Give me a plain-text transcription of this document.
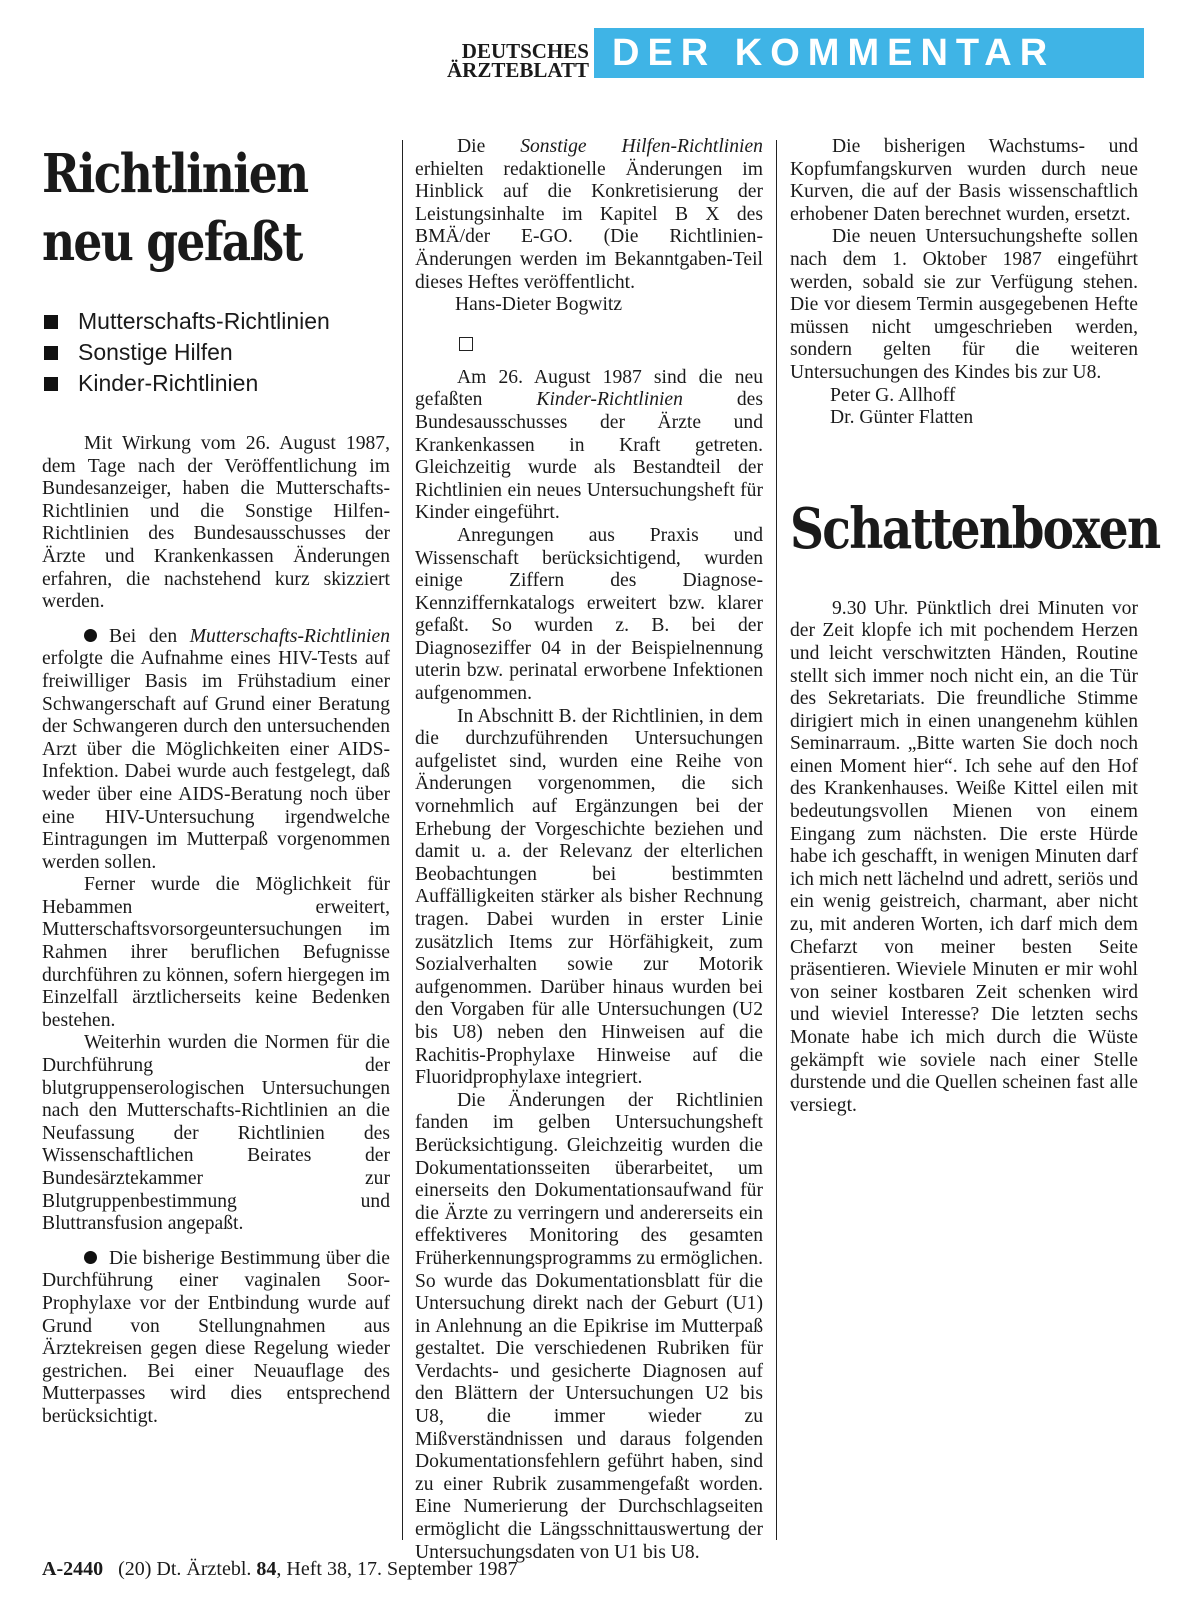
DEUTSCHES
ÄRZTEBLATT DER KOMMENTAR
Richtlinien
neu gefaßt
Mutterschafts-Richtlinien
Sonstige Hilfen
Kinder-Richtlinien

Mit Wirkung vom 26. August 1987, dem Tage nach der Veröffentlichung im Bundesanzeiger, haben die Mutterschafts-Richtlinien und die Sonstige Hilfen-Richtlinien des Bundesausschusses der Ärzte und Krankenkassen Änderungen erfahren, die nachstehend kurz skizziert werden.

Bei den Mutterschafts-Richtlinien erfolgte die Aufnahme eines HIV-Tests auf freiwilliger Basis im Frühstadium einer Schwangerschaft auf Grund einer Beratung der Schwangeren durch den untersuchenden Arzt über die Möglichkeiten einer AIDS-Infektion. Dabei wurde auch festgelegt, daß weder über eine AIDS-Beratung noch über eine HIV-Untersuchung irgendwelche Eintragungen im Mutterpaß vorgenommen werden sollen.

Ferner wurde die Möglichkeit für Hebammen erweitert, Mutterschaftsvorsorgeuntersuchungen im Rahmen ihrer beruflichen Befugnisse durchführen zu können, sofern hiergegen im Einzelfall ärztlicherseits keine Bedenken bestehen.

Weiterhin wurden die Normen für die Durchführung der blutgruppenserologischen Untersuchungen nach den Mutterschafts-Richtlinien an die Neufassung der Richtlinien des Wissenschaftlichen Beirates der Bundesärztekammer zur Blutgruppenbestimmung und Bluttransfusion angepaßt.

Die bisherige Bestimmung über die Durchführung einer vaginalen Soor-Prophylaxe vor der Entbindung wurde auf Grund von Stellungnahmen aus Ärztekreisen gegen diese Regelung wieder gestrichen. Bei einer Neuauflage des Mutterpasses wird dies entsprechend berücksichtigt.

Die Sonstige Hilfen-Richtlinien erhielten redaktionelle Änderungen im Hinblick auf die Konkretisierung der Leistungsinhalte im Kapitel B X des BMÄ/der E-GO. (Die Richtlinien-Änderungen werden im Bekanntgaben-Teil dieses Heftes veröffentlicht.

Hans-Dieter Bogwitz

Am 26. August 1987 sind die neu gefaßten Kinder-Richtlinien des Bundesausschusses der Ärzte und Krankenkassen in Kraft getreten. Gleichzeitig wurde als Bestandteil der Richtlinien ein neues Untersuchungsheft für Kinder eingeführt.

Anregungen aus Praxis und Wissenschaft berücksichtigend, wurden einige Ziffern des Diagnose-Kennziffernkatalogs erweitert bzw. klarer gefaßt. So wurden z. B. bei der Diagnoseziffer 04 in der Beispielnennung uterin bzw. perinatal erworbene Infektionen aufgenommen.

In Abschnitt B. der Richtlinien, in dem die durchzuführenden Untersuchungen aufgelistet sind, wurden eine Reihe von Änderungen vorgenommen, die sich vornehmlich auf Ergänzungen bei der Erhebung der Vorgeschichte beziehen und damit u. a. der Relevanz der elterlichen Beobachtungen bei bestimmten Auffälligkeiten stärker als bisher Rechnung tragen. Dabei wurden in erster Linie zusätzlich Items zur Hörfähigkeit, zum Sozialverhalten sowie zur Motorik aufgenommen. Darüber hinaus wurden bei den Vorgaben für alle Untersuchungen (U2 bis U8) neben den Hinweisen auf die Rachitis-Prophylaxe Hinweise auf die Fluoridprophylaxe integriert.

Die Änderungen der Richtlinien fanden im gelben Untersuchungsheft Berücksichtigung. Gleichzeitig wurden die Dokumentationsseiten überarbeitet, um einerseits den Dokumentationsaufwand für die Ärzte zu verringern und andererseits ein effektiveres Monitoring des gesamten Früherkennungsprogramms zu ermöglichen. So wurde das Dokumentationsblatt für die Untersuchung direkt nach der Geburt (U1) in Anlehnung an die Epikrise im Mutterpaß gestaltet. Die verschiedenen Rubriken für Verdachts- und gesicherte Diagnosen auf den Blättern der Untersuchungen U2 bis U8, die immer wieder zu Mißverständnissen und daraus folgenden Dokumentationsfehlern geführt haben, sind zu einer Rubrik zusammengefaßt worden. Eine Numerierung der Durchschlagseiten ermöglicht die Längsschnittauswertung der Untersuchungsdaten von U1 bis U8.

Die bisherigen Wachstums- und Kopfumfangskurven wurden durch neue Kurven, die auf der Basis wissenschaftlich erhobener Daten berechnet wurden, ersetzt.

Die neuen Untersuchungshefte sollen nach dem 1. Oktober 1987 eingeführt werden, sobald sie zur Verfügung stehen. Die vor diesem Termin ausgegebenen Hefte müssen nicht umgeschrieben werden, sondern gelten für die weiteren Untersuchungen des Kindes bis zur U8.

Peter G. Allhoff

Dr. Günter Flatten

Schattenboxen

9.30 Uhr. Pünktlich drei Minuten vor der Zeit klopfe ich mit pochendem Herzen und leicht verschwitzten Händen, Routine stellt sich immer noch nicht ein, an die Tür des Sekretariats. Die freundliche Stimme dirigiert mich in einen unangenehm kühlen Seminarraum. „Bitte warten Sie doch noch einen Moment hier“. Ich sehe auf den Hof des Krankenhauses. Weiße Kittel eilen mit bedeutungsvollen Mienen von einem Eingang zum nächsten. Die erste Hürde habe ich geschafft, in wenigen Minuten darf ich mich nett lächelnd und adrett, seriös und ein wenig geistreich, charmant, aber nicht zu, mit anderen Worten, ich darf mich dem Chefarzt von meiner besten Seite präsentieren. Wieviele Minuten er mir wohl von seiner kostbaren Zeit schenken wird und wieviel Interesse? Die letzten sechs Monate habe ich mich durch die Wüste gekämpft wie soviele nach einer Stelle durstende und die Quellen scheinen fast alle versiegt.

A-2440 (20) Dt. Ärztebl. 84, Heft 38, 17. September 1987
